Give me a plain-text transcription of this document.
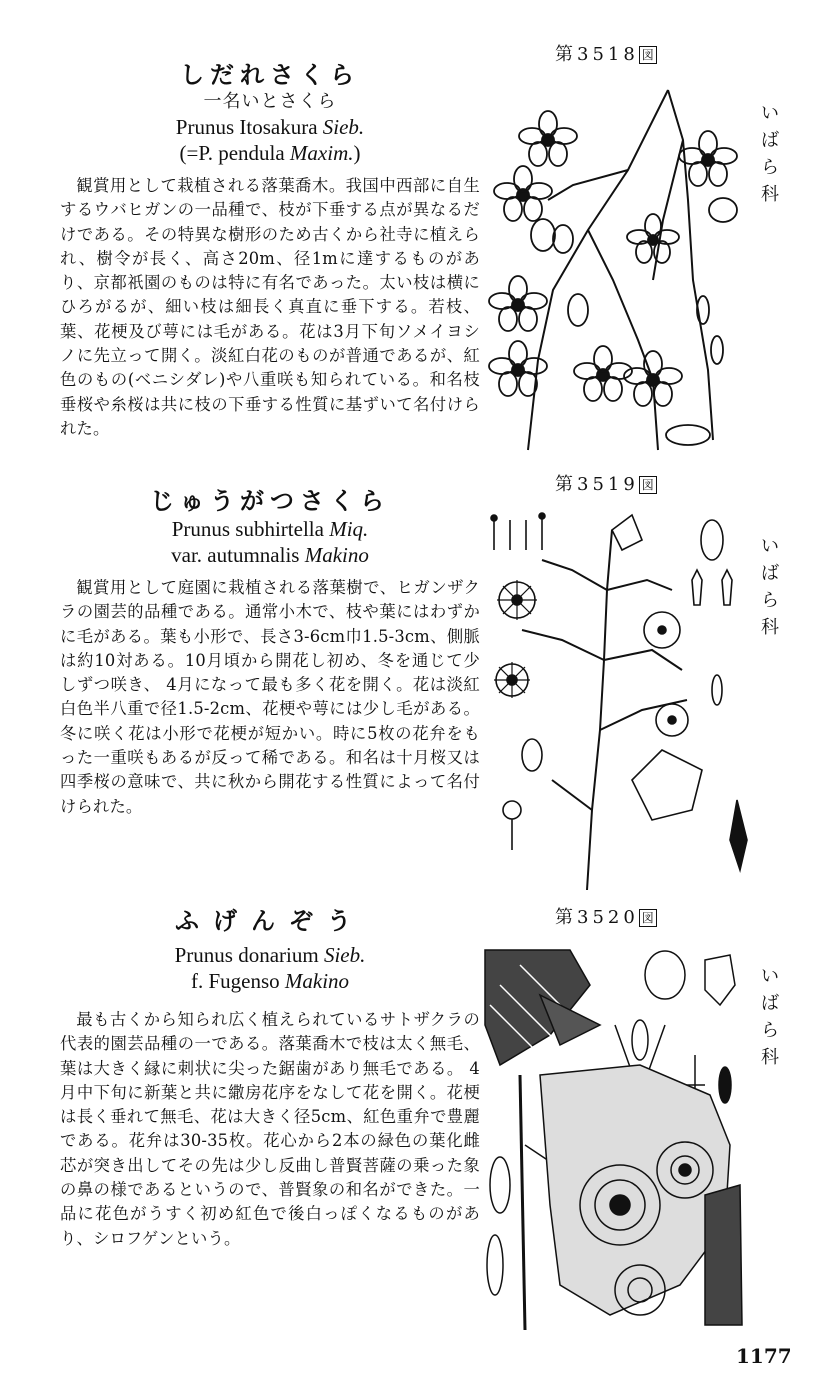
しだれさくら
一名いとさくら
Prunus Itosakura Sieb.
(=P. pendula Maxim.)
観賞用として栽植される落葉喬木。我国中西部に自生するウバヒガンの一品種で、枝が下垂する点が異なるだけである。その特異な樹形のため古くから社寺に植えられ、樹令が長く、高さ20m、径1mに達するものがあり、京都祇園のものは特に有名であった。太い枝は横にひろがるが、細い枝は細長く真直に垂下する。若枝、葉、花梗及び萼には毛がある。花は3月下旬ソメイヨシノに先立って開く。淡紅白花のものが普通であるが、紅色のもの(ベニシダレ)や八重咲も知られている。和名枝垂桜や糸桜は共に枝の下垂する性質に基ずいて名付けられた。
第3518 図
いばら科
じゅうがつさくら
Prunus subhirtella Miq.
var. autumnalis Makino
観賞用として庭園に栽植される落葉樹で、ヒガンザクラの園芸的品種である。通常小木で、枝や葉にはわずかに毛がある。葉も小形で、長さ3-6cm巾1.5-3cm、側脈は約10対ある。10月頃から開花し初め、冬を通じて少しずつ咲き、 4月になって最も多く花を開く。花は淡紅白色半八重で径1.5-2cm、花梗や萼には少し毛がある。冬に咲く花は小形で花梗が短かい。時に5枚の花弁をもった一重咲もあるが反って稀である。和名は十月桜又は四季桜の意味で、共に秋から開花する性質によって名付けられた。
第3519 図
いばら科
ふげんぞう
Prunus donarium Sieb.
f. Fugenso Makino
最も古くから知られ広く植えられているサトザクラの代表的園芸品種の一である。落葉喬木で枝は太く無毛、葉は大きく縁に刺状に尖った鋸歯があり無毛である。 4月中下旬に新葉と共に繖房花序をなして花を開く。花梗は長く垂れて無毛、花は大きく径5cm、紅色重弁で豊麗である。花弁は30-35枚。花心から2本の緑色の葉化雌芯が突き出してその先は少し反曲し普賢菩薩の乗った象の鼻の様であるというので、普賢象の和名ができた。一品に花色がうすく初め紅色で後白っぽくなるものがあり、シロフゲンという。
第3520 図
いばら科
1177
